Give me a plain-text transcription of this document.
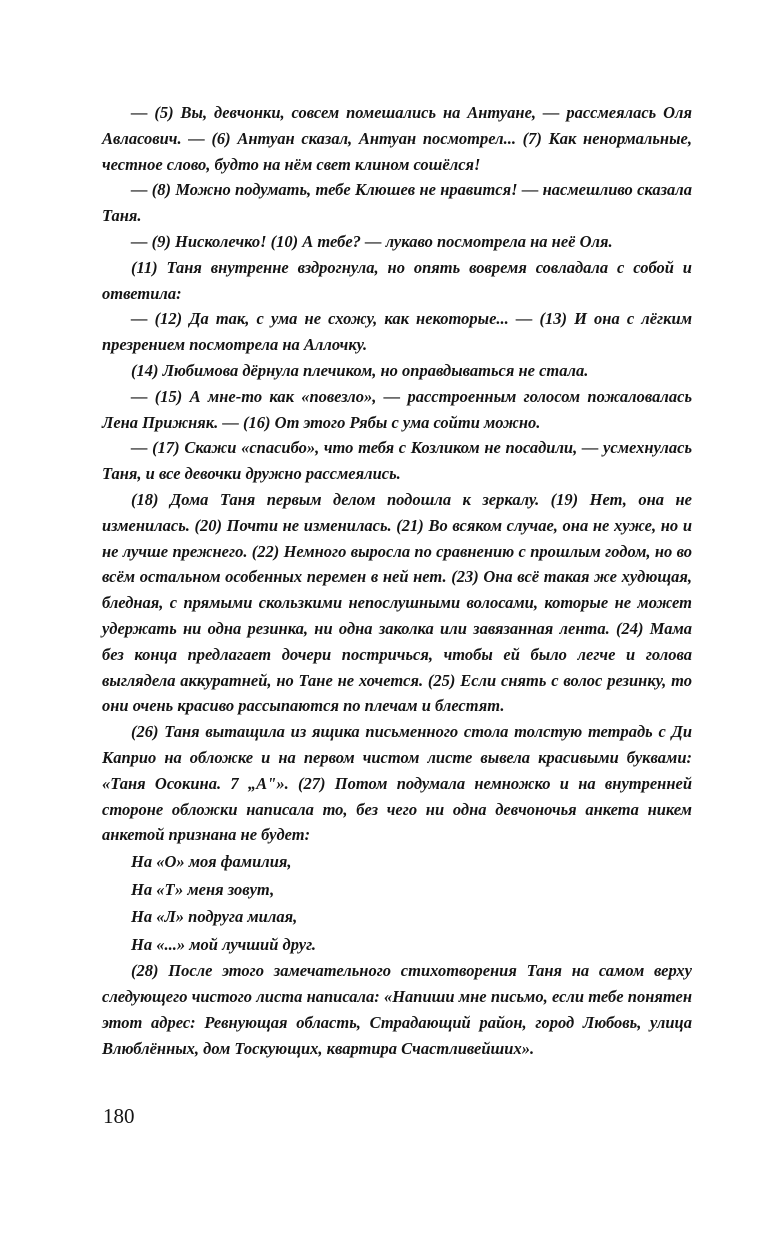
— (5) Вы, девчонки, совсем помешались на Антуане, — рассмеялась Оля Авласович. — (6) Антуан сказал, Антуан посмотрел... (7) Как ненормальные, честное слово, будто на нём свет клином сошёлся!

— (8) Можно подумать, тебе Клюшев не нравится! — насмешливо сказала Таня.

— (9) Нисколечко! (10) А тебе? — лукаво посмотрела на неё Оля.

(11) Таня внутренне вздрогнула, но опять вовремя совладала с собой и ответила:

— (12) Да так, с ума не схожу, как некоторые... — (13) И она с лёгким презрением посмотрела на Аллочку.

(14) Любимова дёрнула плечиком, но оправдываться не стала.

— (15) А мне-то как «повезло», — расстроенным голосом пожаловалась Лена Прижняк. — (16) От этого Рябы с ума сойти можно.

— (17) Скажи «спасибо», что тебя с Козликом не посадили, — усмехнулась Таня, и все девочки дружно рассмеялись.

(18) Дома Таня первым делом подошла к зеркалу. (19) Нет, она не изменилась. (20) Почти не изменилась. (21) Во всяком случае, она не хуже, но и не лучше прежнего. (22) Немного выросла по сравнению с прошлым годом, но во всём остальном особенных перемен в ней нет. (23) Она всё такая же худющая, бледная, с прямыми скользкими непослушными волосами, которые не может удержать ни одна резинка, ни одна заколка или завязанная лента. (24) Мама без конца предлагает дочери постричься, чтобы ей было легче и голова выглядела аккуратней, но Тане не хочется. (25) Если снять с волос резинку, то они очень красиво рассыпаются по плечам и блестят.

(26) Таня вытащила из ящика письменного стола толстую тетрадь с Ди Каприо на обложке и на первом чистом листе вывела красивыми буквами: «Таня Осокина. 7 „А"». (27) Потом подумала немножко и на внутренней стороне обложки написала то, без чего ни одна девчоночья анкета никем анкетой признана не будет:

На «О» моя фамилия,

На «Т» меня зовут,

На «Л» подруга милая,

На «...» мой лучший друг.

(28) После этого замечательного стихотворения Таня на самом верху следующего чистого листа написала: «Напиши мне письмо, если тебе понятен этот адрес: Ревнующая область, Страдающий район, город Любовь, улица Влюблённых, дом Тоскующих, квартира Счастливейших».

180
